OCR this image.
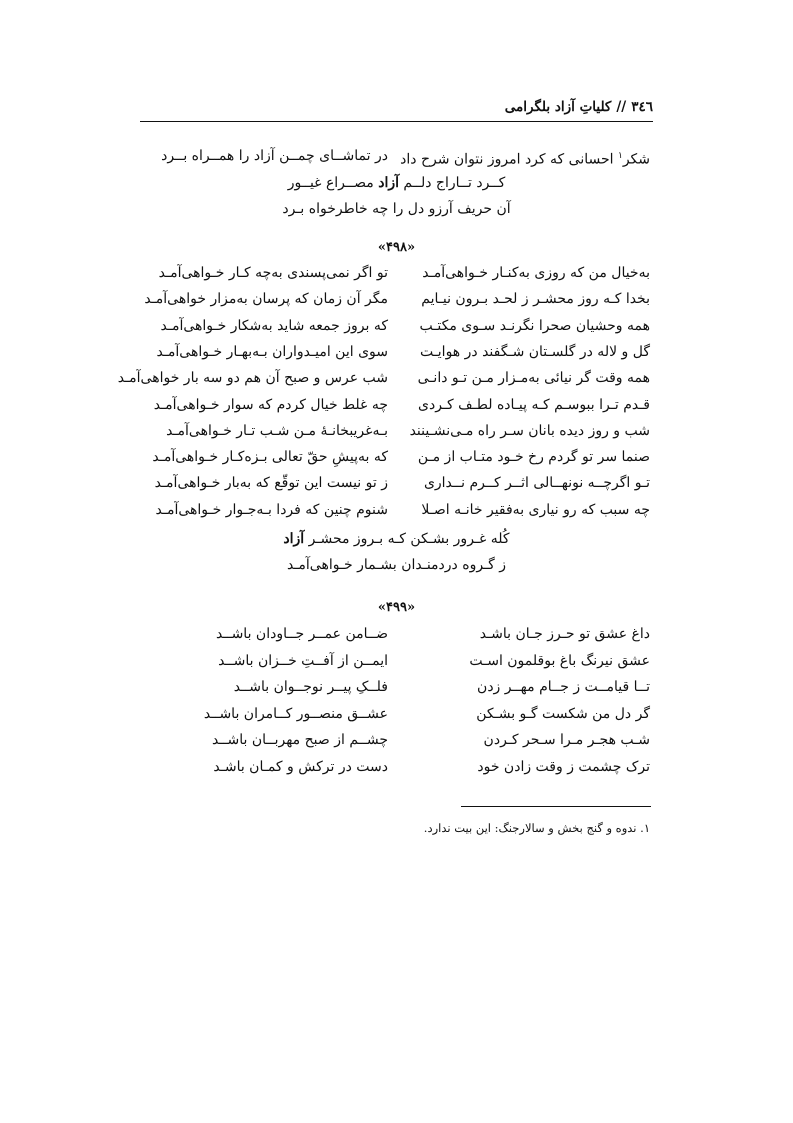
٣٤٦//کلیاتِ آزاد بلگرامی
شکر$^۱$ احسانی که کرد امروز نتوان شرح داد
در تماشــای چمــن آزاد را همــراه بــرد
کــرد تــاراج دلــم آزاد مصــراع غیــور
آن حریف آرزو دل را چه خاطرخواه بـرد
«۴۹۸»
به‌خیال من که روزی به‌کنـار خـواهی‌آمـد
تو اگر نمی‌پسندی به‌چه کـار خـواهی‌آمـد
بخدا کـه روز محشـر ز لحـد بـرون نیـایم
مگر آن زمان که پرسان به‌مزار خواهی‌آمـد
همه وحشیان صحرا نگرنـد سـوی مکتـب
که بروز جمعه شاید به‌شکار خـواهی‌آمـد
گل و لاله در گلسـتان شـگفند در هوایـت
سوی این امیـدواران بـه‌بهـار خـواهی‌آمـد
همه وقت گر نیائی به‌مـزار مـن تـو دانـی
شب عرس و صبح آن هم دو سه بار خواهی‌آمـد
قـدم تـرا ببوسـم کـه پیـاده لطـف کـردی
چه غلط خیال کردم که سوار خـواهی‌آمـد
شب و روز دیده بانان سـر راه مـی‌نشـینند
بـه‌غریبخانـۀ مـن شـب تـار خـواهی‌آمـد
صنما سر تو گردم رخ خـود متـاب از مـن
که به‌پیشِ حقّ تعالی بـزه‌کـار خـواهی‌آمـد
تـو اگرچــه نونهــالی اثــر کــرم نــداری
ز تو نیست این توقّع که به‌بار خـواهی‌آمـد
چه سبب که رو نیاری به‌فقیر خانـه اصـلا
شنوم چنین که فردا بـه‌جـوار خـواهی‌آمـد
کُله غـرور بشـکن کـه بـروز محشـر آزاد
ز گـروه دردمنـدان بشـمار خـواهی‌آمـد
«۴۹۹»
داغ عشق تو حـرز جـان باشـد
ضــامن عمــر جــاودان باشــد
عشق نیرنگ باغ بوقلمون اسـت
ایمــن از آفــتِ خــزان باشــد
تــا قیامــت ز جــام مهــر زدن
فلــکِ پیــر نوجــوان باشــد
گر دل من شکست گـو بشـکن
عشــق منصــور کــامران باشــد
شـب هجـر مـرا سـحر کـردن
چشــم از صبح مهربــان باشــد
ترک چشمت ز وقت زادن خود
دست در ترکش و کمـان باشـد
۱. ندوه و گنج بخش و سالارجنگ: این بیت ندارد.
